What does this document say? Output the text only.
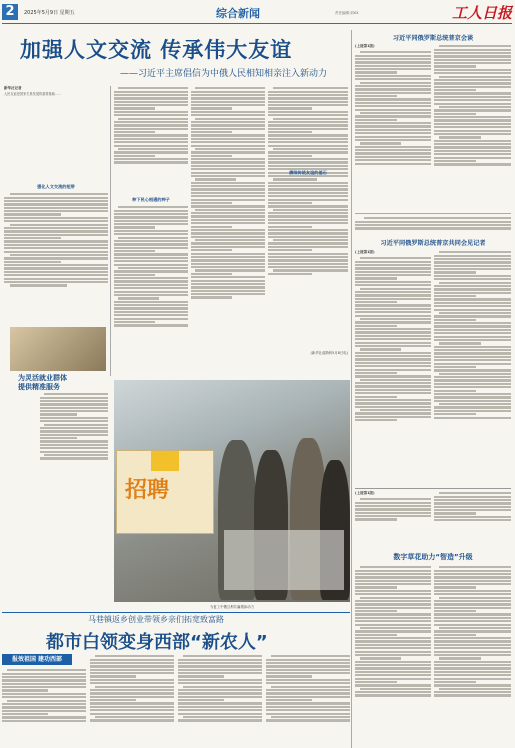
2	2025年5月9日 星期五	综合新闻	责任编辑:刘XX	工人日报
加强人文交流 传承伟大友谊
——习近平主席倡信为中俄人民相知相亲注入新动力
新华社记者
人民友谊是国家关系发展的重要基础……
强化人文交流的纽带
种下民心相通的种子
赓续传统友谊的基石
(新华社莫斯科5月8日电)
习近平同俄罗斯总统普京会谈
(上接第1版)
习近平同俄罗斯总统普京共同会见记者
(上接第1版)
(上接第1版)
数字草花助力“智造”升级
为灵活就业群体
提供精准服务
招聘
为复工中俄互利共赢增添动力
马巷镇返乡创业带领乡亲们拓宽致富路
都市白领变身西部“新农人”
报效祖国 建功西部
